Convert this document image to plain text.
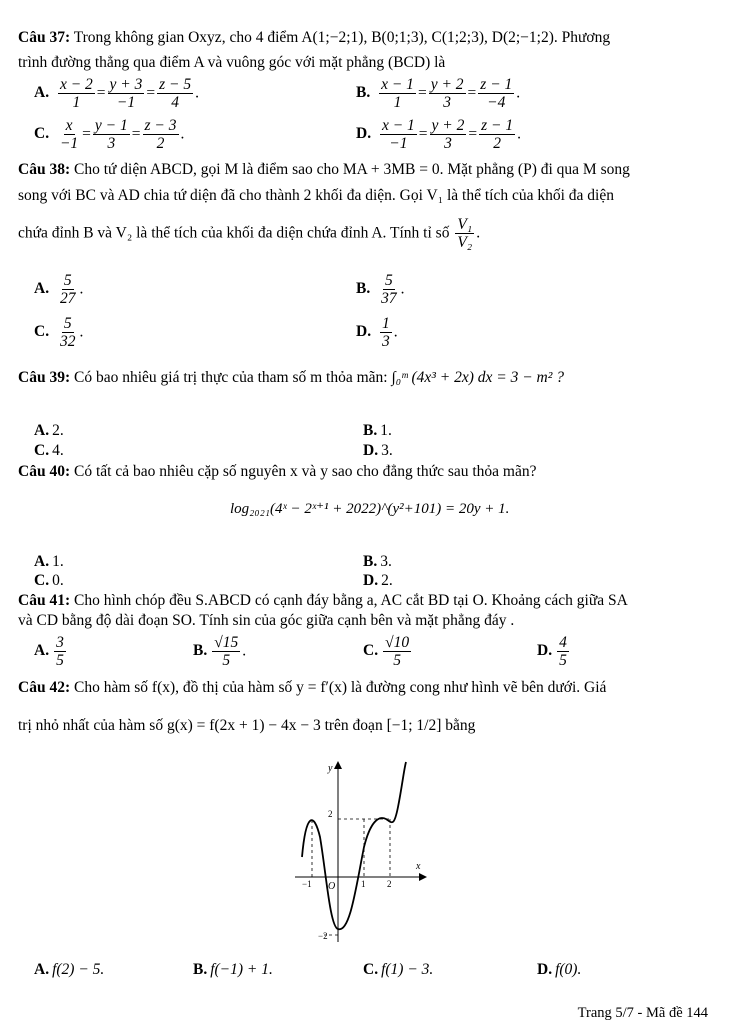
Câu 37: Trong không gian Oxyz, cho 4 điểm A(1;−2;1), B(0;1;3), C(1;2;3), D(2;−1;2). Phương
trình đường thẳng qua điểm A và vuông góc với mặt phẳng (BCD) là
A. $\frac{x - 2}{1} = \frac{y + 3}{-1} = \frac{z - 5}{4}$ .	B. $\frac{x - 1}{1} = \frac{y + 2}{3} = \frac{z - 1}{-4}$ .
C. $\frac{x}{-1} = \frac{y - 1}{3} = \frac{z - 3}{2}$ .	D. $\frac{x - 1}{-1} = \frac{y + 2}{3} = \frac{z - 1}{2}$ .
Câu 38: Cho tứ diện ABCD, gọi M là điểm sao cho MA + 3MB = 0. Mặt phẳng (P) đi qua M song
song với BC và AD chia tứ diện đã cho thành 2 khối đa diện. Gọi V₁ là thể tích của khối đa diện
chứa đỉnh B và V₂ là thể tích của khối đa diện chứa đỉnh A. Tính tỉ số $\frac{\text{V₁}}{\text{V₂}}$ .
A. $\frac{5}{27}$ .	B. $\frac{5}{37}$ .
C. $\frac{5}{32}$ .	D. $\frac{1}{3}$ .
Câu 39: Có bao nhiêu giá trị thực của tham số m thỏa mãn: ∫₀ᵐ (4x³ + 2x) dx = 3 − m² ?
A. 2.	B. 1.
C. 4.	D. 3.
Câu 40: Có tất cả bao nhiêu cặp số nguyên x và y sao cho đẳng thức sau thỏa mãn?
log₂₀₂₁(4ˣ − 2ˣ⁺¹ + 2022)^(y²+101) = 20y + 1.
A. 1.	B. 3.
C. 0.	D. 2.
Câu 41: Cho hình chóp đều S.ABCD có cạnh đáy bằng a, AC cắt BD tại O. Khoảng cách giữa SA
và CD bằng độ dài đoạn SO. Tính sin của góc giữa cạnh bên và mặt phẳng đáy .
A. $\frac{3}{5}$	B. $\frac{√15}{5}$ .	C. $\frac{√10}{5}$	D. $\frac{4}{5}$
Câu 42: Cho hàm số f(x), đồ thị của hàm số y = f′(x) là đường cong như hình vẽ bên dưới. Giá
trị nhỏ nhất của hàm số g(x) = f(2x + 1) − 4x − 3 trên đoạn [−1; 1/2] bằng
y
x
O
−1	1 2
2
−2
A. f(2) − 5.	B. f(−1) + 1.	C. f(1) − 3.	D. f(0).
Trang 5/7 - Mã đề 144
